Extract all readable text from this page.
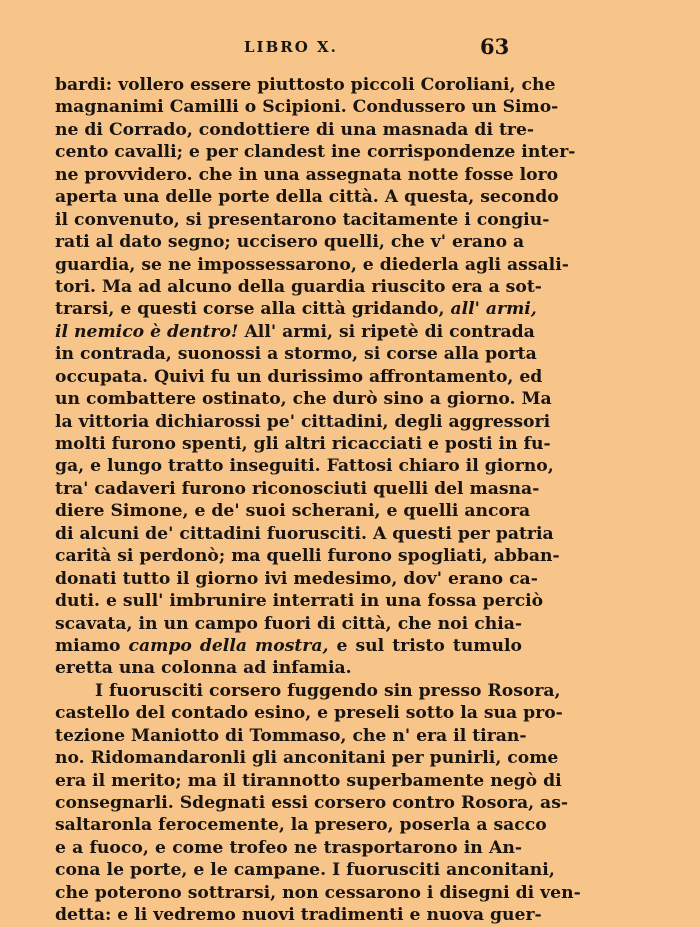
LIBRO X.	63
bardi: vollero essere piuttosto piccoli Coroliani, che
magnanimi Camilli o Scipioni. Condussero un Simo-
ne di Corrado, condottiere di una masnada di tre-
cento cavalli; e per clandest ine corrispondenze inter-
ne provvidero. che in una assegnata notte fosse loro
aperta una delle porte della città. A questa, secondo
il convenuto, si presentarono tacitamente i congiu-
rati al dato segno; uccisero quelli, che v' erano a
guardia, se ne impossessarono, e diederla agli assali-
tori. Ma ad alcuno della guardia riuscito era a sot-
trarsi, e questi corse alla città gridando, all' armi,
il nemico è dentro! All' armi, si ripetè di contrada
in contrada, suonossi a stormo, si corse alla porta
occupata. Quivi fu un durissimo affrontamento, ed
un combattere ostinato, che durò sino a giorno. Ma
la vittoria dichiarossi pe' cittadini, degli aggressori
molti furono spenti, gli altri ricacciati e posti in fu-
ga, e lungo tratto inseguiti. Fattosi chiaro il giorno,
tra' cadaveri furono riconosciuti quelli del masna-
diere Simone, e de' suoi scherani, e quelli ancora
di alcuni de' cittadini fuorusciti. A questi per patria
carità si perdonò; ma quelli furono spogliati, abban-
donati tutto il giorno ivi medesimo, dov' erano ca-
duti. e sull' imbrunire interrati in una fossa perciò
scavata, in un campo fuori di città, che noi chia-
miamo campo della mostra, e sul tristo tumulo
eretta una colonna ad infamia.
I fuorusciti corsero fuggendo sin presso Rosora,
castello del contado esino, e preseli sotto la sua pro-
tezione Maniotto di Tommaso, che n' era il tiran-
no. Ridomandaronli gli anconitani per punirli, come
era il merito; ma il tirannotto superbamente negò di
consegnarli. Sdegnati essi corsero contro Rosora, as-
saltaronla ferocemente, la presero, poserla a sacco
e a fuoco, e come trofeo ne trasportarono in An-
cona le porte, e le campane. I fuorusciti anconitani,
che poterono sottrarsi, non cessarono i disegni di ven-
detta: e li vedremo nuovi tradimenti e nuova guer-
